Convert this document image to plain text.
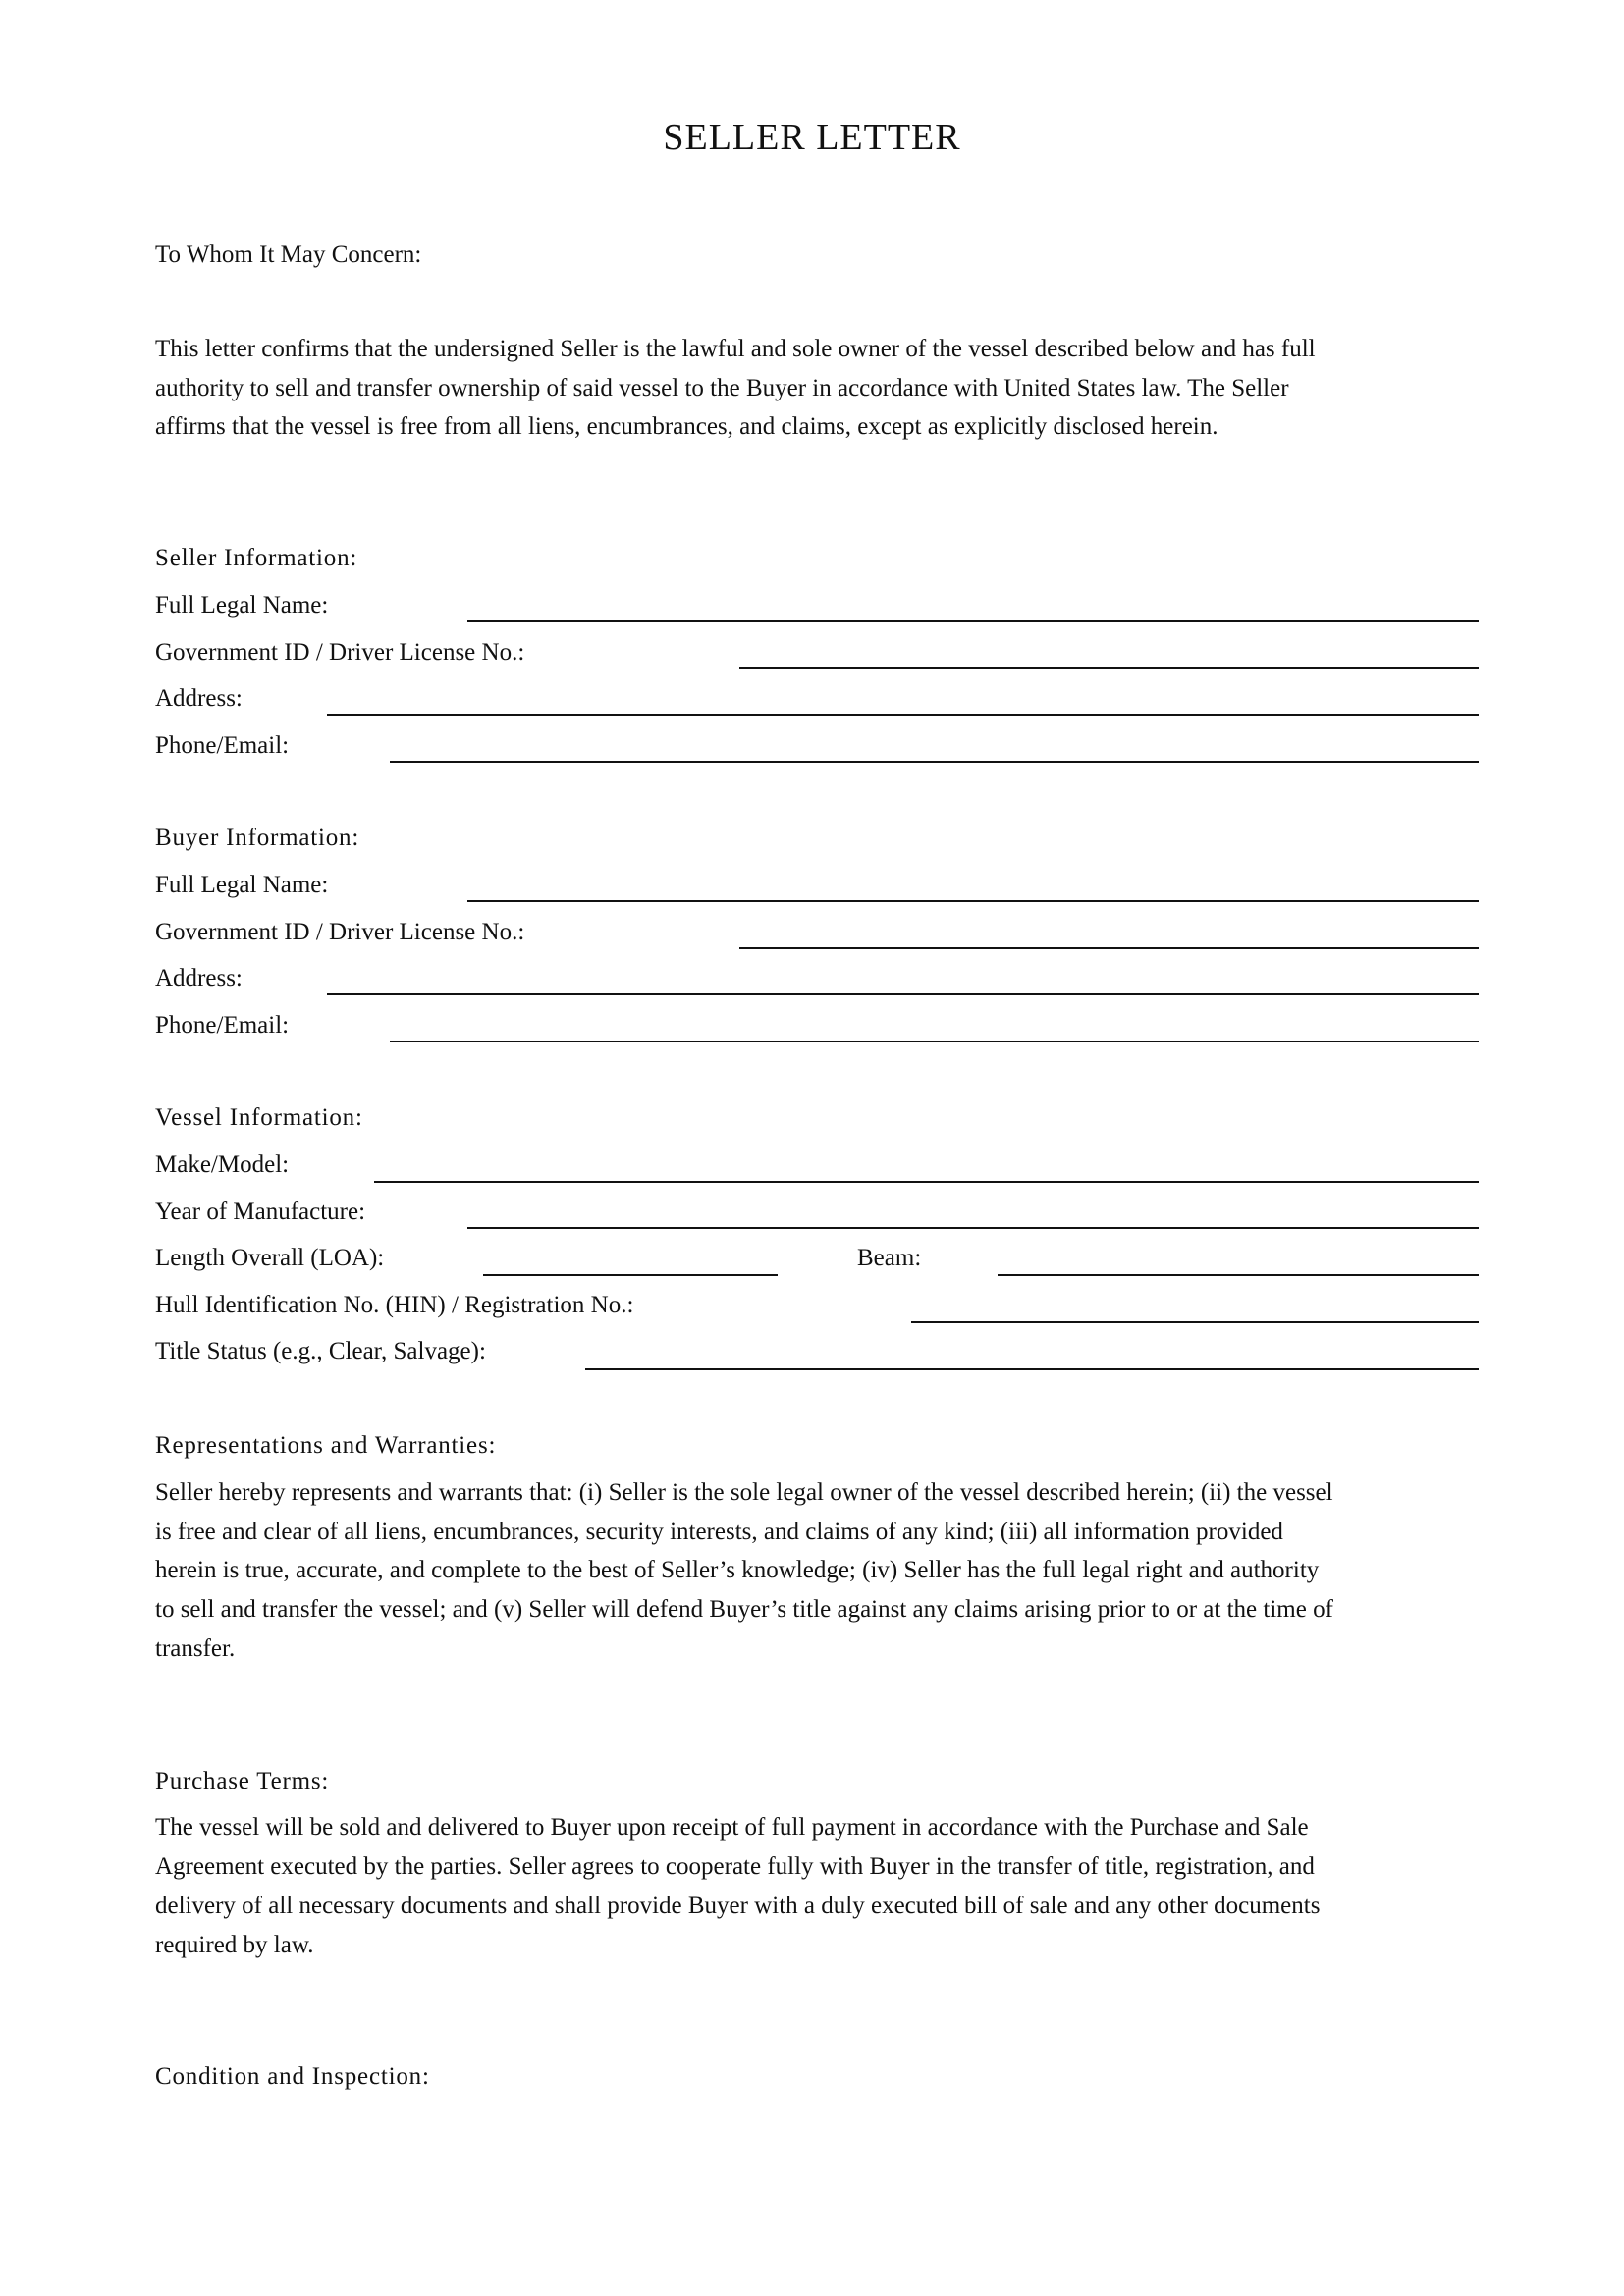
SELLER LETTER
To Whom It May Concern:
This letter confirms that the undersigned Seller is the lawful and sole owner of the vessel described below and has full
authority to sell and transfer ownership of said vessel to the Buyer in accordance with United States law. The Seller
affirms that the vessel is free from all liens, encumbrances, and claims, except as explicitly disclosed herein.
Seller Information:
Full Legal Name:
Government ID / Driver License No.:
Address:
Phone/Email:
Buyer Information:
Full Legal Name:
Government ID / Driver License No.:
Address:
Phone/Email:
Vessel Information:
Make/Model:
Year of Manufacture:
Length Overall (LOA):	Beam:
Hull Identification No. (HIN) / Registration No.:
Title Status (e.g., Clear, Salvage):
Representations and Warranties:
Seller hereby represents and warrants that: (i) Seller is the sole legal owner of the vessel described herein; (ii) the vessel
is free and clear of all liens, encumbrances, security interests, and claims of any kind; (iii) all information provided
herein is true, accurate, and complete to the best of Seller’s knowledge; (iv) Seller has the full legal right and authority
to sell and transfer the vessel; and (v) Seller will defend Buyer’s title against any claims arising prior to or at the time of
transfer.
Purchase Terms:
The vessel will be sold and delivered to Buyer upon receipt of full payment in accordance with the Purchase and Sale
Agreement executed by the parties. Seller agrees to cooperate fully with Buyer in the transfer of title, registration, and
delivery of all necessary documents and shall provide Buyer with a duly executed bill of sale and any other documents
required by law.
Condition and Inspection:
